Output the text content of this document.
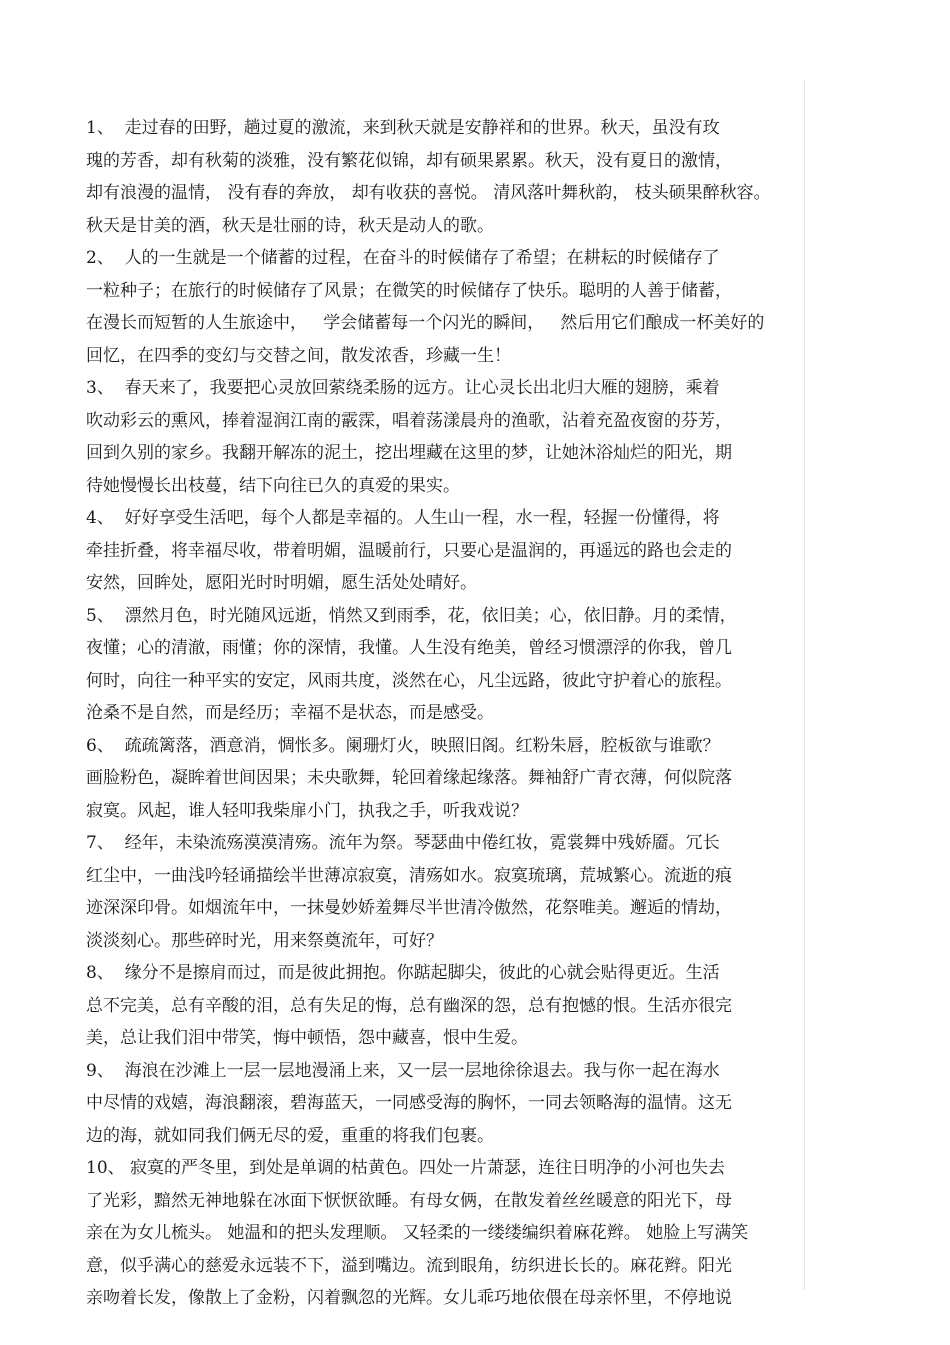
1、  走过春的田野，趟过夏的激流，来到秋天就是安静祥和的世界。秋天，虽没有玫
瑰的芳香，却有秋菊的淡雅，没有繁花似锦，却有硕果累累。秋天，没有夏日的激情，
却有浪漫的温情， 没有春的奔放， 却有收获的喜悦。 清风落叶舞秋韵， 枝头硕果醉秋容。
秋天是甘美的酒，秋天是壮丽的诗，秋天是动人的歌。
2、  人的一生就是一个储蓄的过程，在奋斗的时候储存了希望；在耕耘的时候储存了
一粒种子；在旅行的时候储存了风景；在微笑的时候储存了快乐。聪明的人善于储蓄，
在漫长而短暂的人生旅途中，   学会储蓄每一个闪光的瞬间，   然后用它们酿成一杯美好的
回忆，在四季的变幻与交替之间，散发浓香，珍藏一生！
3、  春天来了，我要把心灵放回萦绕柔肠的远方。让心灵长出北归大雁的翅膀，乘着
吹动彩云的熏风，捧着湿润江南的霰霂，唱着荡漾晨舟的渔歌，沾着充盈夜窗的芬芳，
回到久别的家乡。我翻开解冻的泥土，挖出埋藏在这里的梦，让她沐浴灿烂的阳光，期
待她慢慢长出枝蔓，结下向往已久的真爱的果实。
4、  好好享受生活吧，每个人都是幸福的。人生山一程，水一程，轻握一份懂得，将
牵挂折叠，将幸福尽收，带着明媚，温暖前行，只要心是温润的，再遥远的路也会走的
安然，回眸处，愿阳光时时明媚，愿生活处处晴好。
5、  漂然月色，时光随风远逝，悄然又到雨季，花，依旧美；心，依旧静。月的柔情，
夜懂；心的清澈，雨懂；你的深情，我懂。人生没有绝美，曾经习惯漂浮的你我，曾几
何时，向往一种平实的安定，风雨共度，淡然在心，凡尘远路，彼此守护着心的旅程。
沧桑不是自然，而是经历；幸福不是状态，而是感受。
6、  疏疏篱落，酒意消，惆怅多。阑珊灯火，映照旧阁。红粉朱唇，腔板欲与谁歌？
画脸粉色，凝眸着世间因果；未央歌舞，轮回着缘起缘落。舞袖舒广青衣薄，何似院落
寂寞。风起，谁人轻叩我柴扉小门，执我之手，听我戏说？
7、  经年，未染流殇漠漠清殇。流年为祭。琴瑟曲中倦红妆，霓裳舞中残娇靥。冗长
红尘中，一曲浅吟轻诵描绘半世薄凉寂寞，清殇如水。寂寞琉璃，荒城繁心。流逝的痕
迹深深印骨。如烟流年中，一抹曼妙娇羞舞尽半世清冷傲然，花祭唯美。邂逅的情劫，
淡淡刻心。那些碎时光，用来祭奠流年，可好？
8、  缘分不是擦肩而过，而是彼此拥抱。你踮起脚尖，彼此的心就会贴得更近。生活
总不完美，总有辛酸的泪，总有失足的悔，总有幽深的怨，总有抱憾的恨。生活亦很完
美，总让我们泪中带笑，悔中顿悟，怨中藏喜，恨中生爱。
9、  海浪在沙滩上一层一层地漫涌上来，又一层一层地徐徐退去。我与你一起在海水
中尽情的戏嬉，海浪翻滚，碧海蓝天，一同感受海的胸怀，一同去领略海的温情。这无
边的海，就如同我们俩无尽的爱，重重的将我们包裹。
10、 寂寞的严冬里，到处是单调的枯黄色。四处一片萧瑟，连往日明净的小河也失去
了光彩，黯然无神地躲在冰面下恹恹欲睡。有母女俩，在散发着丝丝暖意的阳光下，母
亲在为女儿梳头。 她温和的把头发理顺。 又轻柔的一缕缕编织着麻花辫。 她脸上写满笑
意，似乎满心的慈爱永远装不下，溢到嘴边。流到眼角，纺织进长长的。麻花辫。阳光
亲吻着长发，像散上了金粉，闪着飘忽的光辉。女儿乖巧地依偎在母亲怀里，不停地说
